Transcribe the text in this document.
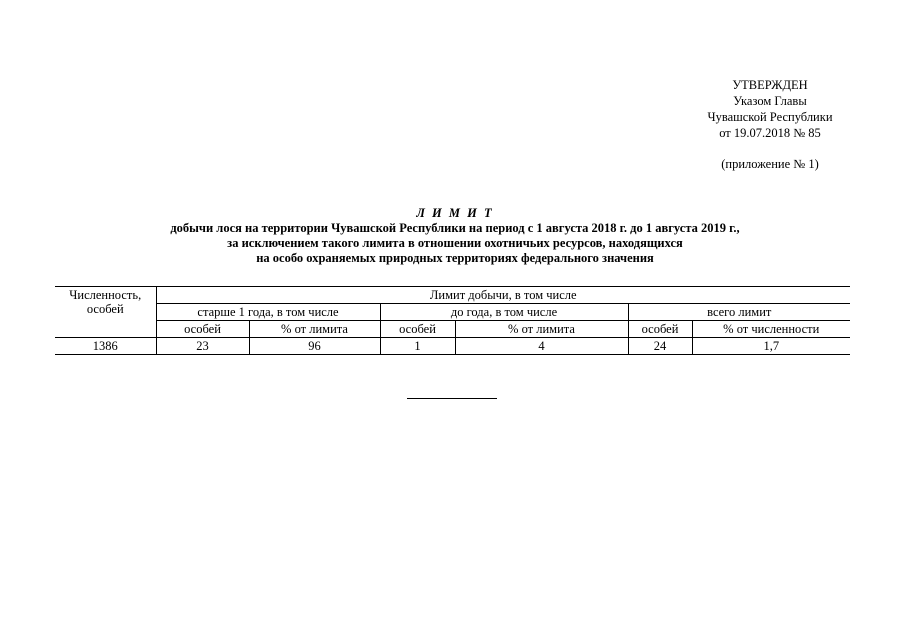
УТВЕРЖДЕН
Указом Главы
Чувашской Республики
от 19.07.2018 № 85
(приложение № 1)
Л И М И Т
добычи лося на территории Чувашской Республики на период с 1 августа 2018 г. до 1 августа 2019 г.,
за исключением такого лимита в отношении охотничьих ресурсов, находящихся
на особо охраняемых природных территориях федерального значения
Численность, особей	Лимит добычи, в том числе					
	старше 1 года, в том числе		до года, в том числе		всего лимит	
	особей	% от лимита	особей	% от лимита	особей	% от численности
1386	23	96	1	4	24	1,7
